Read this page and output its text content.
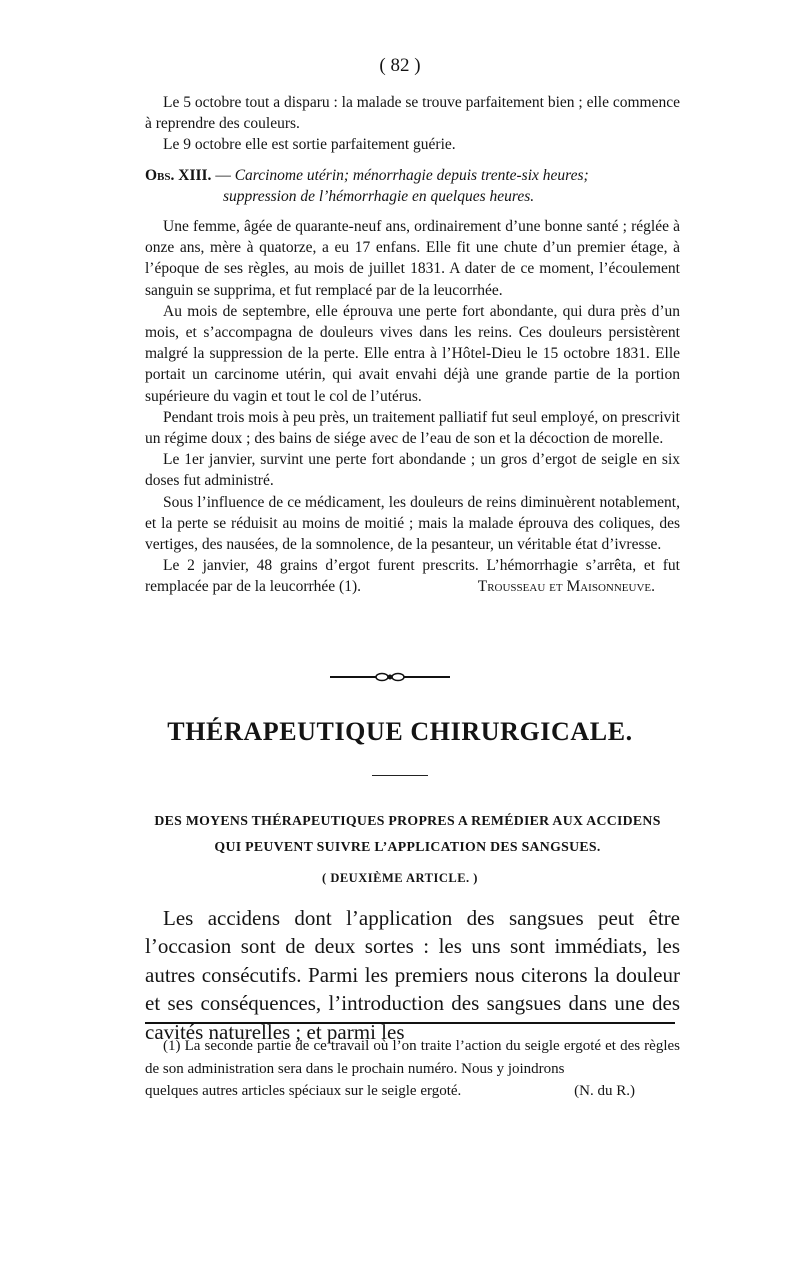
( 82 )

Le 5 octobre tout a disparu : la malade se trouve parfaitement bien ; elle commence à reprendre des couleurs.

Le 9 octobre elle est sortie parfaitement guérie.

Obs. XIII. — Carcinome utérin; ménorrhagie depuis trente-six heures;
suppression de l’hémorrhagie en quelques heures.

Une femme, âgée de quarante-neuf ans, ordinairement d’une bonne santé ; réglée à onze ans, mère à quatorze, a eu 17 enfans. Elle fit une chute d’un premier étage, à l’époque de ses règles, au mois de juillet 1831. A dater de ce moment, l’écoulement sanguin se supprima, et fut remplacé par de la leucorrhée.

Au mois de septembre, elle éprouva une perte fort abondante, qui dura près d’un mois, et s’accompagna de douleurs vives dans les reins. Ces douleurs persistèrent malgré la suppression de la perte. Elle entra à l’Hôtel-Dieu le 15 octobre 1831. Elle portait un carcinome utérin, qui avait envahi déjà une grande partie de la portion supérieure du vagin et tout le col de l’utérus.

Pendant trois mois à peu près, un traitement palliatif fut seul employé, on prescrivit un régime doux ; des bains de siége avec de l’eau de son et la décoction de morelle.

Le 1er janvier, survint une perte fort abondande ; un gros d’ergot de seigle en six doses fut administré.

Sous l’influence de ce médicament, les douleurs de reins diminuèrent notablement, et la perte se réduisit au moins de moitié ; mais la malade éprouva des coliques, des vertiges, des nausées, de la somnolence, de la pesanteur, un véritable état d’ivresse.

Le 2 janvier, 48 grains d’ergot furent prescrits. L’hémorrhagie s’arrêta, et fut

remplacée par de la leucorrhée (1).	Trousseau et Maisonneuve.
THÉRAPEUTIQUE CHIRURGICALE.
DES MOYENS THÉRAPEUTIQUES PROPRES A REMÉDIER AUX ACCIDENS
QUI PEUVENT SUIVRE L’APPLICATION DES SANGSUES.
( DEUXIÈME ARTICLE. )

Les accidens dont l’application des sangsues peut être l’occasion sont de deux sortes : les uns sont immédiats, les autres consécutifs. Parmi les premiers nous citerons la douleur et ses conséquences, l’introduction des sangsues dans une des cavités naturelles ; et parmi les

(1) La seconde partie de ce travail où l’on traite l’action du seigle ergoté et des règles de son administration sera dans le prochain numéro. Nous y joindrons
quelques autres articles spéciaux sur le seigle ergoté.	(N. du R.)
